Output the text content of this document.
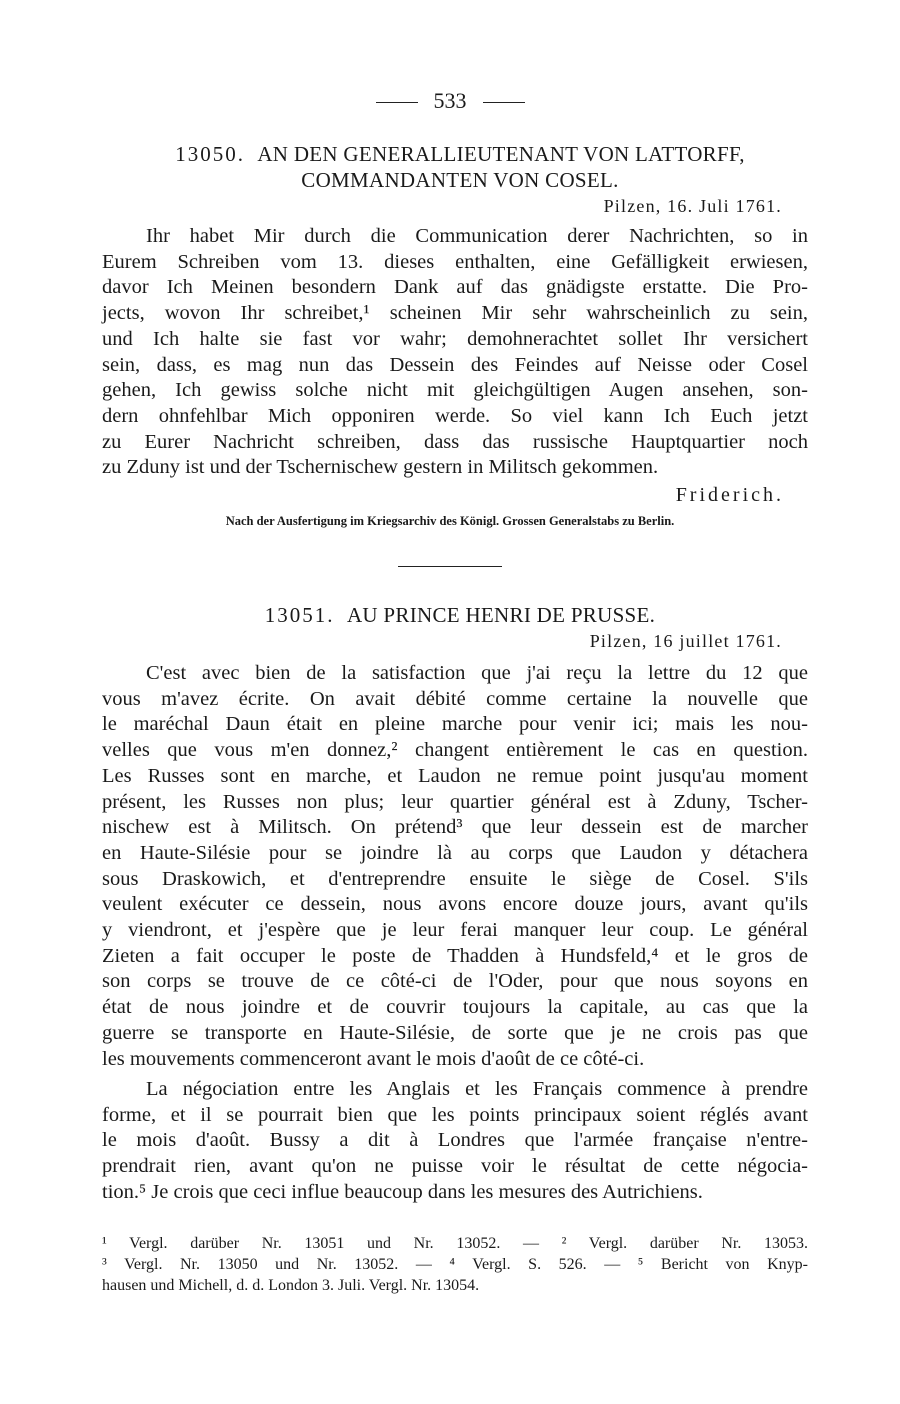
533
13050. AN DEN GENERALLIEUTENANT VON LATTORFF,
COMMANDANTEN VON COSEL.
Pilzen, 16. Juli 1761.
Ihr habet Mir durch die Communication derer Nachrichten, so in
Eurem Schreiben vom 13. dieses enthalten, eine Gefälligkeit erwiesen,
davor Ich Meinen besondern Dank auf das gnädigste erstatte. Die Pro-
jects, wovon Ihr schreibet,¹ scheinen Mir sehr wahrscheinlich zu sein,
und Ich halte sie fast vor wahr; demohnerachtet sollet Ihr versichert
sein, dass, es mag nun das Dessein des Feindes auf Neisse oder Cosel
gehen, Ich gewiss solche nicht mit gleichgültigen Augen ansehen, son-
dern ohnfehlbar Mich opponiren werde. So viel kann Ich Euch jetzt
zu Eurer Nachricht schreiben, dass das russische Hauptquartier noch
zu Zduny ist und der Tschernischew gestern in Militsch gekommen.
Friderich.
Nach der Ausfertigung im Kriegsarchiv des Königl. Grossen Generalstabs zu Berlin.
13051. AU PRINCE HENRI DE PRUSSE.
Pilzen, 16 juillet 1761.
C'est avec bien de la satisfaction que j'ai reçu la lettre du 12 que
vous m'avez écrite. On avait débité comme certaine la nouvelle que
le maréchal Daun était en pleine marche pour venir ici; mais les nou-
velles que vous m'en donnez,² changent entièrement le cas en question.
Les Russes sont en marche, et Laudon ne remue point jusqu'au moment
présent, les Russes non plus; leur quartier général est à Zduny, Tscher-
nischew est à Militsch. On prétend³ que leur dessein est de marcher
en Haute-Silésie pour se joindre là au corps que Laudon y détachera
sous Draskowich, et d'entreprendre ensuite le siège de Cosel. S'ils
veulent exécuter ce dessein, nous avons encore douze jours, avant qu'ils
y viendront, et j'espère que je leur ferai manquer leur coup. Le général
Zieten a fait occuper le poste de Thadden à Hundsfeld,⁴ et le gros de
son corps se trouve de ce côté-ci de l'Oder, pour que nous soyons en
état de nous joindre et de couvrir toujours la capitale, au cas que la
guerre se transporte en Haute-Silésie, de sorte que je ne crois pas que
les mouvements commenceront avant le mois d'août de ce côté-ci.
La négociation entre les Anglais et les Français commence à prendre
forme, et il se pourrait bien que les points principaux soient réglés avant
le mois d'août. Bussy a dit à Londres que l'armée française n'entre-
prendrait rien, avant qu'on ne puisse voir le résultat de cette négocia-
tion.⁵ Je crois que ceci influe beaucoup dans les mesures des Autrichiens.
¹ Vergl. darüber Nr. 13051 und Nr. 13052. — ² Vergl. darüber Nr. 13053.
³ Vergl. Nr. 13050 und Nr. 13052. — ⁴ Vergl. S. 526. — ⁵ Bericht von Knyp-
hausen und Michell, d. d. London 3. Juli. Vergl. Nr. 13054.
